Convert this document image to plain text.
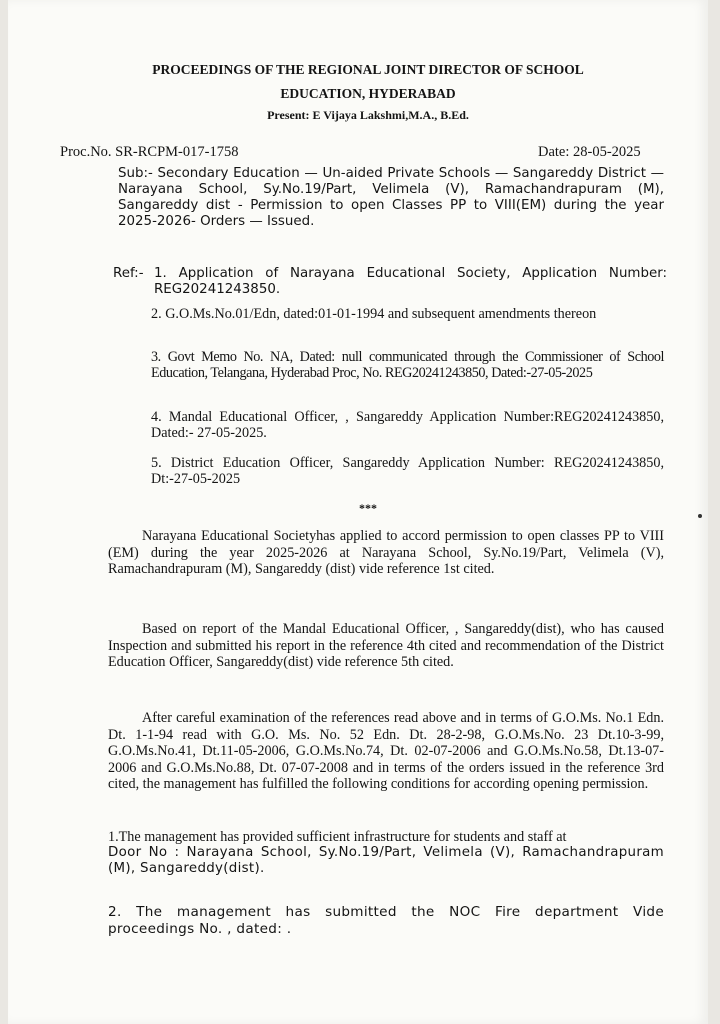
PROCEEDINGS OF THE REGIONAL JOINT DIRECTOR OF SCHOOL
EDUCATION, HYDERABAD
Present: E Vijaya Lakshmi,M.A., B.Ed.
Proc.No. SR-RCPM-017-1758	Date: 28-05-2025
Sub:- Secondary Education — Un-aided Private Schools — Sangareddy District — Narayana School, Sy.No.19/Part, Velimela (V), Ramachandrapuram (M), Sangareddy dist - Permission to open Classes PP to VIII(EM) during the year 2025-2026- Orders — Issued.
Ref:- 1. Application of Narayana Educational Society, Application Number: REG20241243850.
2. G.O.Ms.No.01/Edn, dated:01-01-1994 and subsequent amendments thereon
3. Govt Memo No. NA, Dated: null communicated through the Commissioner of School Education, Telangana, Hyderabad Proc, No. REG20241243850, Dated:-27-05-2025
4. Mandal Educational Officer, , Sangareddy Application Number:REG20241243850, Dated:- 27-05-2025.
5. District Education Officer, Sangareddy Application Number: REG20241243850, Dt:-27-05-2025
***
Narayana Educational Societyhas applied to accord permission to open classes PP to VIII (EM) during the year 2025-2026 at Narayana School, Sy.No.19/Part, Velimela (V), Ramachandrapuram (M), Sangareddy (dist) vide reference 1st cited.
Based on report of the Mandal Educational Officer, , Sangareddy(dist), who has caused Inspection and submitted his report in the reference 4th cited and recommendation of the District Education Officer, Sangareddy(dist) vide reference 5th cited.
After careful examination of the references read above and in terms of G.O.Ms. No.1 Edn. Dt. 1-1-94 read with G.O. Ms. No. 52 Edn. Dt. 28-2-98, G.O.Ms.No. 23 Dt.10-3-99, G.O.Ms.No.41, Dt.11-05-2006, G.O.Ms.No.74, Dt. 02-07-2006 and G.O.Ms.No.58, Dt.13-07-2006 and G.O.Ms.No.88, Dt. 07-07-2008 and in terms of the orders issued in the reference 3rd cited, the management has fulfilled the following conditions for according opening permission.
1.The management has provided sufficient infrastructure for students and staff at
Door No : Narayana School, Sy.No.19/Part, Velimela (V), Ramachandrapuram (M), Sangareddy(dist).
2. The management has submitted the NOC Fire department Vide proceedings No. , dated: .
